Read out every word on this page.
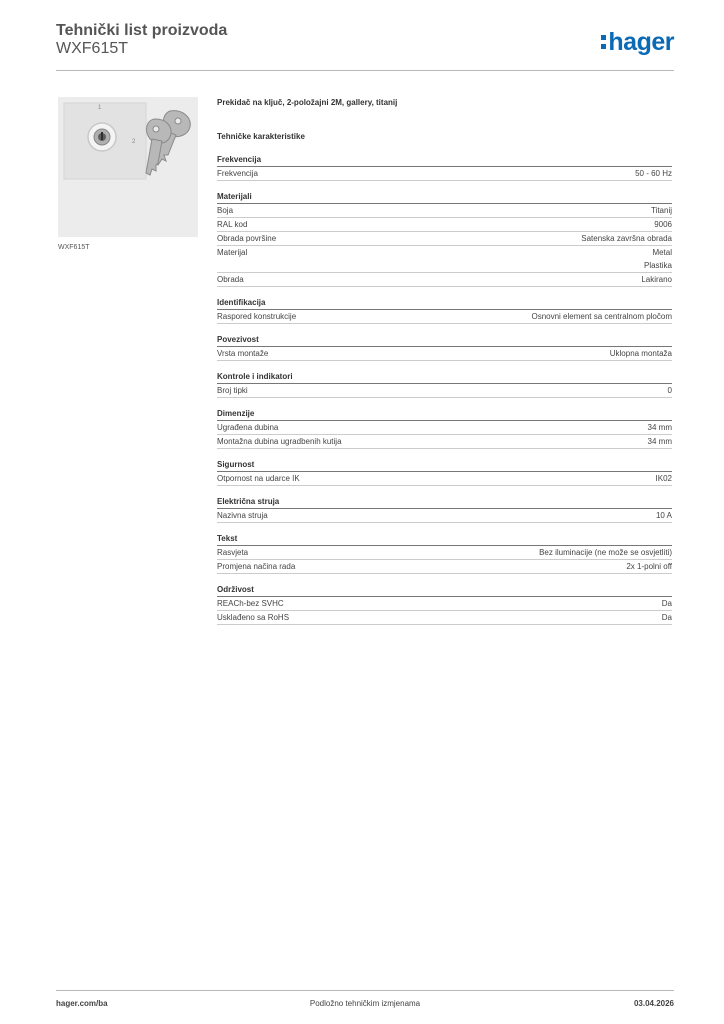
Tehnički list proizvoda
WXF615T	hager
1
2
WXF615T
Prekidač na ključ, 2-položajni 2M, gallery, titanij
Tehničke karakteristike
Frekvencija
Frekvencija	50 - 60 Hz
Materijali
Boja	Titanij
RAL kod	9006
Obrada površine	Satenska završna obrada
Materijal	Metal
Plastika
Obrada	Lakirano
Identifikacija
Raspored konstrukcije	Osnovni element sa centralnom pločom
Povezivost
Vrsta montaže	Uklopna montaža
Kontrole i indikatori
Broj tipki	0
Dimenzije
Ugrađena dubina	34 mm
Montažna dubina ugradbenih kutija	34 mm
Sigurnost
Otpornost na udarce IK	IK02
Električna struja
Nazivna struja	10 A
Tekst
Rasvjeta	Bez iluminacije (ne može se osvjetliti)
Promjena načina rada	2x 1-polni off
Održivost
REACh-bez SVHC	Da
Usklađeno sa RoHS	Da
hager.com/ba	Podložno tehničkim izmjenama	03.04.2026
